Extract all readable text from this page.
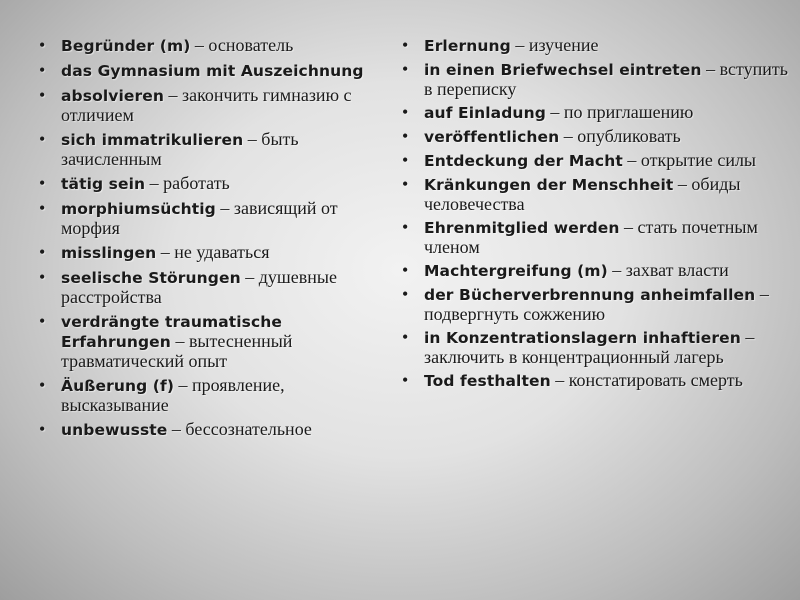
• Begründer (m) – основатель
• das Gymnasium mit Auszeichnung
• absolvieren – закончить гимназию с отличием
• sich immatrikulieren – быть зачисленным
• tätig sein – работать
• morphiumsüchtig – зависящий от морфия
• misslingen – не удаваться
• seelische Störungen – душевные расстройства
• verdrängte traumatische Erfahrungen – вытесненный травматический опыт
• Äußerung (f) – проявление, высказывание
• unbewusste – бессознательное
• Erlernung – изучение
• in einen Briefwechsel eintreten – вступить в переписку
• auf Einladung – по приглашению
• veröffentlichen – опубликовать
• Entdeckung der Macht – открытие силы
• Kränkungen der Menschheit – обиды человечества
• Ehrenmitglied werden – стать почетным членом
• Machtergreifung (m) – захват власти
• der Bücherverbrennung anheimfallen – подвергнуть сожжению
• in Konzentrationslagern inhaftieren – заключить в концентрационный лагерь
• Tod festhalten – констатировать смерть
